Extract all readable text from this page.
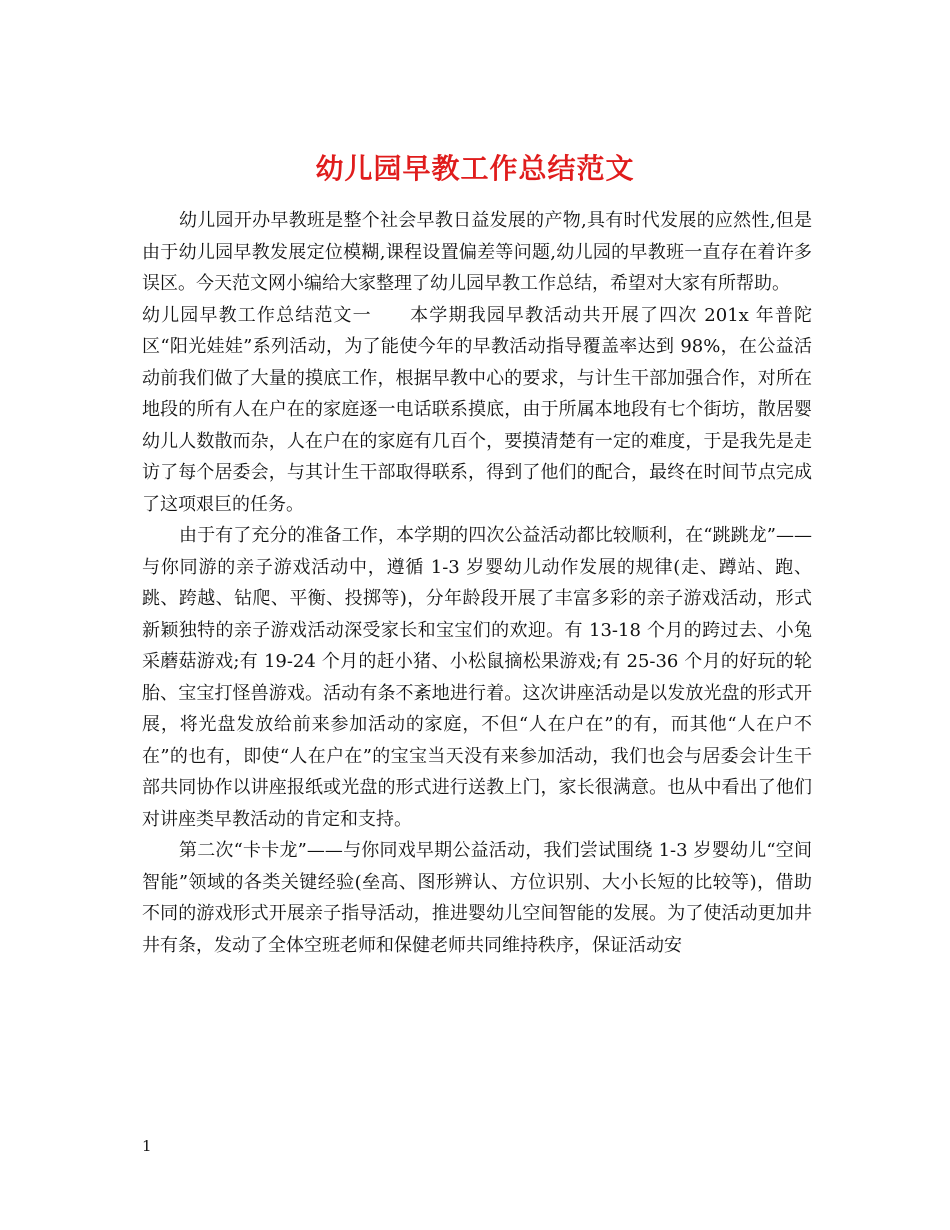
幼儿园早教工作总结范文

幼儿园开办早教班是整个社会早教日益发展的产物,具有时代发展的应然性,但是由于幼儿园早教发展定位模糊,课程设置偏差等问题,幼儿园的早教班一直存在着许多误区。今天范文网小编给大家整理了幼儿园早教工作总结，希望对大家有所帮助。

幼儿园早教工作总结范文一　　本学期我园早教活动共开展了四次 201x 年普陀区“阳光娃娃”系列活动，为了能使今年的早教活动指导覆盖率达到 98%，在公益活动前我们做了大量的摸底工作，根据早教中心的要求，与计生干部加强合作，对所在地段的所有人在户在的家庭逐一电话联系摸底，由于所属本地段有七个街坊，散居婴幼儿人数散而杂，人在户在的家庭有几百个，要摸清楚有一定的难度，于是我先是走访了每个居委会，与其计生干部取得联系，得到了他们的配合，最终在时间节点完成了这项艰巨的任务。

由于有了充分的准备工作，本学期的四次公益活动都比较顺利，在“跳跳龙”——与你同游的亲子游戏活动中，遵循 1-3 岁婴幼儿动作发展的规律(走、蹲站、跑、跳、跨越、钻爬、平衡、投掷等)，分年龄段开展了丰富多彩的亲子游戏活动，形式新颖独特的亲子游戏活动深受家长和宝宝们的欢迎。有 13-18 个月的跨过去、小兔采蘑菇游戏;有 19-24 个月的赶小猪、小松鼠摘松果游戏;有 25-36 个月的好玩的轮胎、宝宝打怪兽游戏。活动有条不紊地进行着。这次讲座活动是以发放光盘的形式开展，将光盘发放给前来参加活动的家庭，不但“人在户在”的有，而其他“人在户不在”的也有，即使“人在户在”的宝宝当天没有来参加活动，我们也会与居委会计生干部共同协作以讲座报纸或光盘的形式进行送教上门，家长很满意。也从中看出了他们对讲座类早教活动的肯定和支持。

第二次“卡卡龙”——与你同戏早期公益活动，我们尝试围绕 1-3 岁婴幼儿“空间智能”领域的各类关键经验(垒高、图形辨认、方位识别、大小长短的比较等)，借助不同的游戏形式开展亲子指导活动，推进婴幼儿空间智能的发展。为了使活动更加井井有条，发动了全体空班老师和保健老师共同维持秩序，保证活动安

1
